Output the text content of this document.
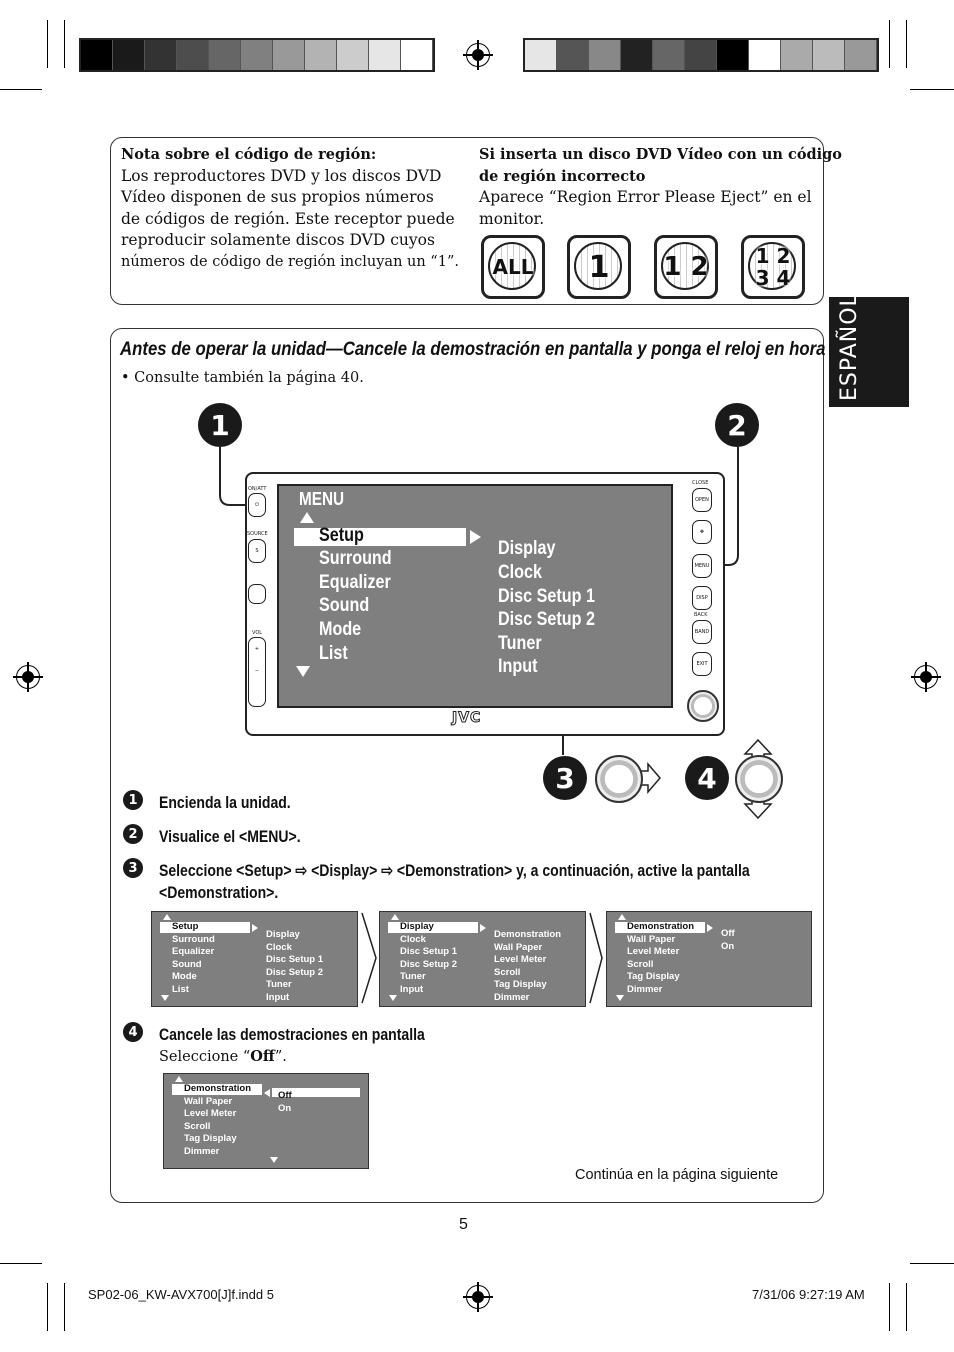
Nota sobre el código de región:
Los reproductores DVD y los discos DVD
Vídeo disponen de sus propios números
de códigos de región. Este receptor puede
reproducir solamente discos DVD cuyos
números de código de región incluyan un “1”.
Si inserta un disco DVD Vídeo con un código
de región incorrecto
Aparece “Region Error Please Eject” en el
monitor.
ALL	1	1 2	1 2
3 4
ESPAÑOL
Antes de operar la unidad—Cancele la demostración en pantalla y ponga el reloj en hora
• Consulte también la página 40.
1	2
3	4
⏻
ON/ATT
S
SOURCE
VOL
+
−
CLOSE
OPEN
✥
MENU
DISP
BACK
BAND
EXIT
JVC
MENU
Setup
Surround
Equalizer
Sound
Mode
List
Display
Clock
Disc Setup 1
Disc Setup 2
Tuner
Input
1	Encienda la unidad.
2	Visualice el <MENU>.
3	Seleccione <Setup> ⇨ <Display> ⇨ <Demonstration> y, a continuación, active la pantalla
<Demonstration>.
4	Cancele las demostraciones en pantalla
Seleccione “Off”.
Setup
Surround
Equalizer
Sound
Mode
List
Display
Clock
Disc Setup 1
Disc Setup 2
Tuner
Input
Display
Clock
Disc Setup 1
Disc Setup 2
Tuner
Input
Demonstration
Wall Paper
Level Meter
Scroll
Tag Display
Dimmer
Demonstration
Wall Paper
Level Meter
Scroll
Tag Display
Dimmer
Off
On
Demonstration
Wall Paper
Level Meter
Scroll
Tag Display
Dimmer
Off
On
Continúa en la página siguiente
5
SP02-06_KW-AVX700[J]f.indd 5	7/31/06 9:27:19 AM
